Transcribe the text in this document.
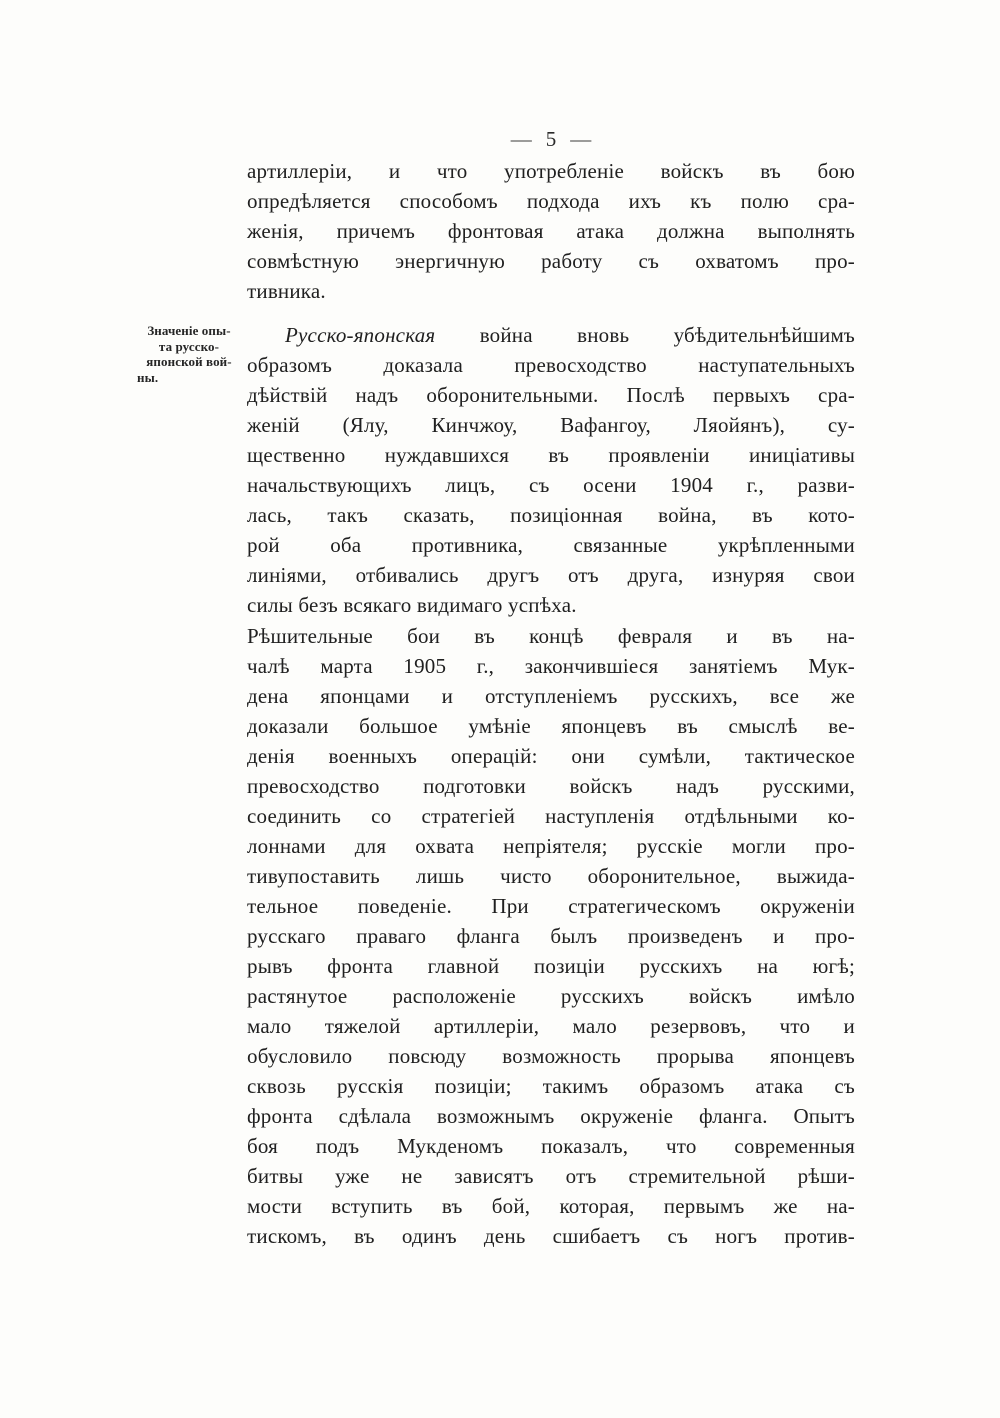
— 5 —
артиллеріи, и что употребленіе войскъ въ бою
опредѣляется способомъ подхода ихъ къ полю сра-
женія, причемъ фронтовая атака должна выполнять
совмѣстную энергичную работу съ охватомъ про-
тивника.
Значеніе опы-
та русско-
японской вой-
ны.
Русско-японская война вновь убѣдительнѣйшимъ
образомъ доказала превосходство наступательныхъ
дѣйствій надъ оборонительными. Послѣ первыхъ сра-
женій (Ялу, Кинчжоу, Вафангоу, Ляойянъ), су-
щественно нуждавшихся въ проявленіи иниціативы
начальствующихъ лицъ, съ осени 1904 г., разви-
лась, такъ сказать, позиціонная война, въ кото-
рой оба противника, связанные укрѣпленными
линіями, отбивались другъ отъ друга, изнуряя свои
силы безъ всякаго видимаго успѣха.
Рѣшительные бои въ концѣ февраля и въ на-
чалѣ марта 1905 г., закончившіеся занятіемъ Мук-
дена японцами и отступленіемъ русскихъ, все же
доказали большое умѣніе японцевъ въ смыслѣ ве-
денія военныхъ операцій: они сумѣли, тактическое
превосходство подготовки войскъ надъ русскими,
соединить со стратегіей наступленія отдѣльными ко-
лоннами для охвата непріятеля; русскіе могли про-
тивупоставить лишь чисто оборонительное, выжида-
тельное поведеніе. При стратегическомъ окруженіи
русскаго праваго фланга былъ произведенъ и про-
рывъ фронта главной позиціи русскихъ на югѣ;
растянутое расположеніе русскихъ войскъ имѣло
мало тяжелой артиллеріи, мало резервовъ, что и
обусловило повсюду возможность прорыва японцевъ
сквозь русскія позиціи; такимъ образомъ атака съ
фронта сдѣлала возможнымъ окруженіе фланга. Опытъ
боя подъ Мукденомъ показалъ, что современныя
битвы уже не зависятъ отъ стремительной рѣши-
мости вступить въ бой, которая, первымъ же на-
тискомъ, въ одинъ день сшибаетъ съ ногъ против-
